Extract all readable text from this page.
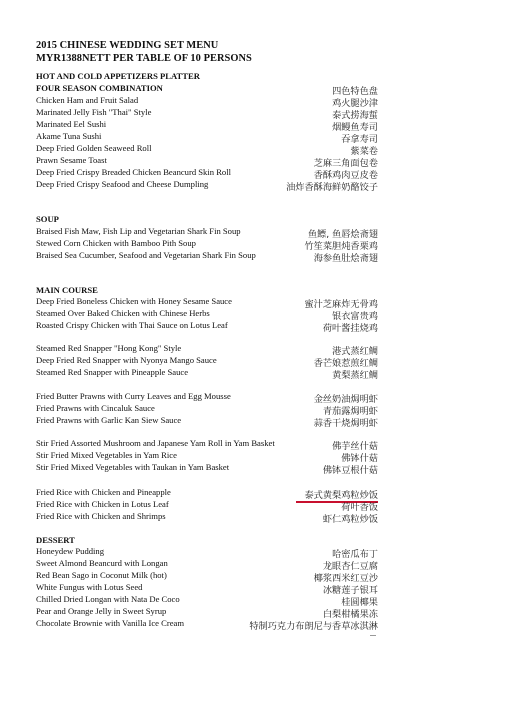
2015 CHINESE WEDDING SET MENU
MYR1388NETT PER TABLE OF 10 PERSONS
HOT AND COLD APPETIZERS PLATTER
FOUR SEASON COMBINATION	四色特色盘
Chicken Ham and Fruit Salad	鸡火腿沙津
Marinated Jelly Fish "Thai" Style	泰式捞海蜇
Marinated Eel Sushi	烟鳗鱼寿司
Akame Tuna Sushi	吞拿寿司
Deep Fried Golden Seaweed Roll	紫菜卷
Prawn Sesame Toast	芝麻三角面包卷
Deep Fried Crispy Breaded Chicken Beancurd Skin Roll	香酥鸡肉豆皮卷
Deep Fried Crispy Seafood and Cheese Dumpling	油炸香酥海鲜奶酪饺子
SOUP
Braised Fish Maw, Fish Lip and Vegetarian Shark Fin Soup	鱼鳔, 鱼唇烩斋翅
Stewed Corn Chicken with Bamboo Pith Soup	竹笙菜胆炖香栗鸡
Braised Sea Cucumber, Seafood and Vegetarian Shark Fin Soup	海参鱼肚烩斋翅
MAIN COURSE
Deep Fried Boneless Chicken with Honey Sesame Sauce	蜜汁芝麻炸无骨鸡
Steamed Over Baked Chicken with Chinese Herbs	银衣富贵鸡
Roasted Crispy Chicken with Thai Sauce on Lotus Leaf	荷叶酱挂烧鸡
Steamed Red Snapper "Hong Kong" Style	港式蒸红鲷
Deep Fried Red Snapper with Nyonya Mango Sauce	香芒娘惹煎红鲷
Steamed Red Snapper with Pineapple Sauce	黄梨蒸红鲷
Fried Butter Prawns with Curry Leaves and Egg Mousse	金丝奶油焗明虾
Fried Prawns with Cincaluk Sauce	青茄露焗明虾
Fried Prawns with Garlic Kan Siew Sauce	蒜香干烧焗明虾
Stir Fried Assorted Mushroom and Japanese Yam Roll in Yam Basket	佛芋丝什菇
Stir Fried Mixed Vegetables in Yam Rice	佛钵什菇
Stir Fried Mixed Vegetables with Taukan in Yam Basket	佛钵豆根什菇
Fried Rice with Chicken and Pineapple	泰式黄梨鸡粒炒饭
Fried Rice with Chicken in Lotus Leaf	荷叶香饭
Fried Rice with Chicken and Shrimps	虾仁鸡粒炒饭
DESSERT
Honeydew Pudding	哈密瓜布丁
Sweet Almond Beancurd with Longan	龙眼杏仁豆腐
Red Bean Sago in Coconut Milk (hot)	椰浆西米红豆沙
White Fungus with Lotus Seed	冰糖莲子银耳
Chilled Dried Longan with Nata De Coco	桂圆椰果
Pear and Orange Jelly in Sweet Syrup	白梨柑橘果冻
Chocolate Brownie with Vanilla Ice Cream	特制巧克力布朗尼与香草冰淇淋
